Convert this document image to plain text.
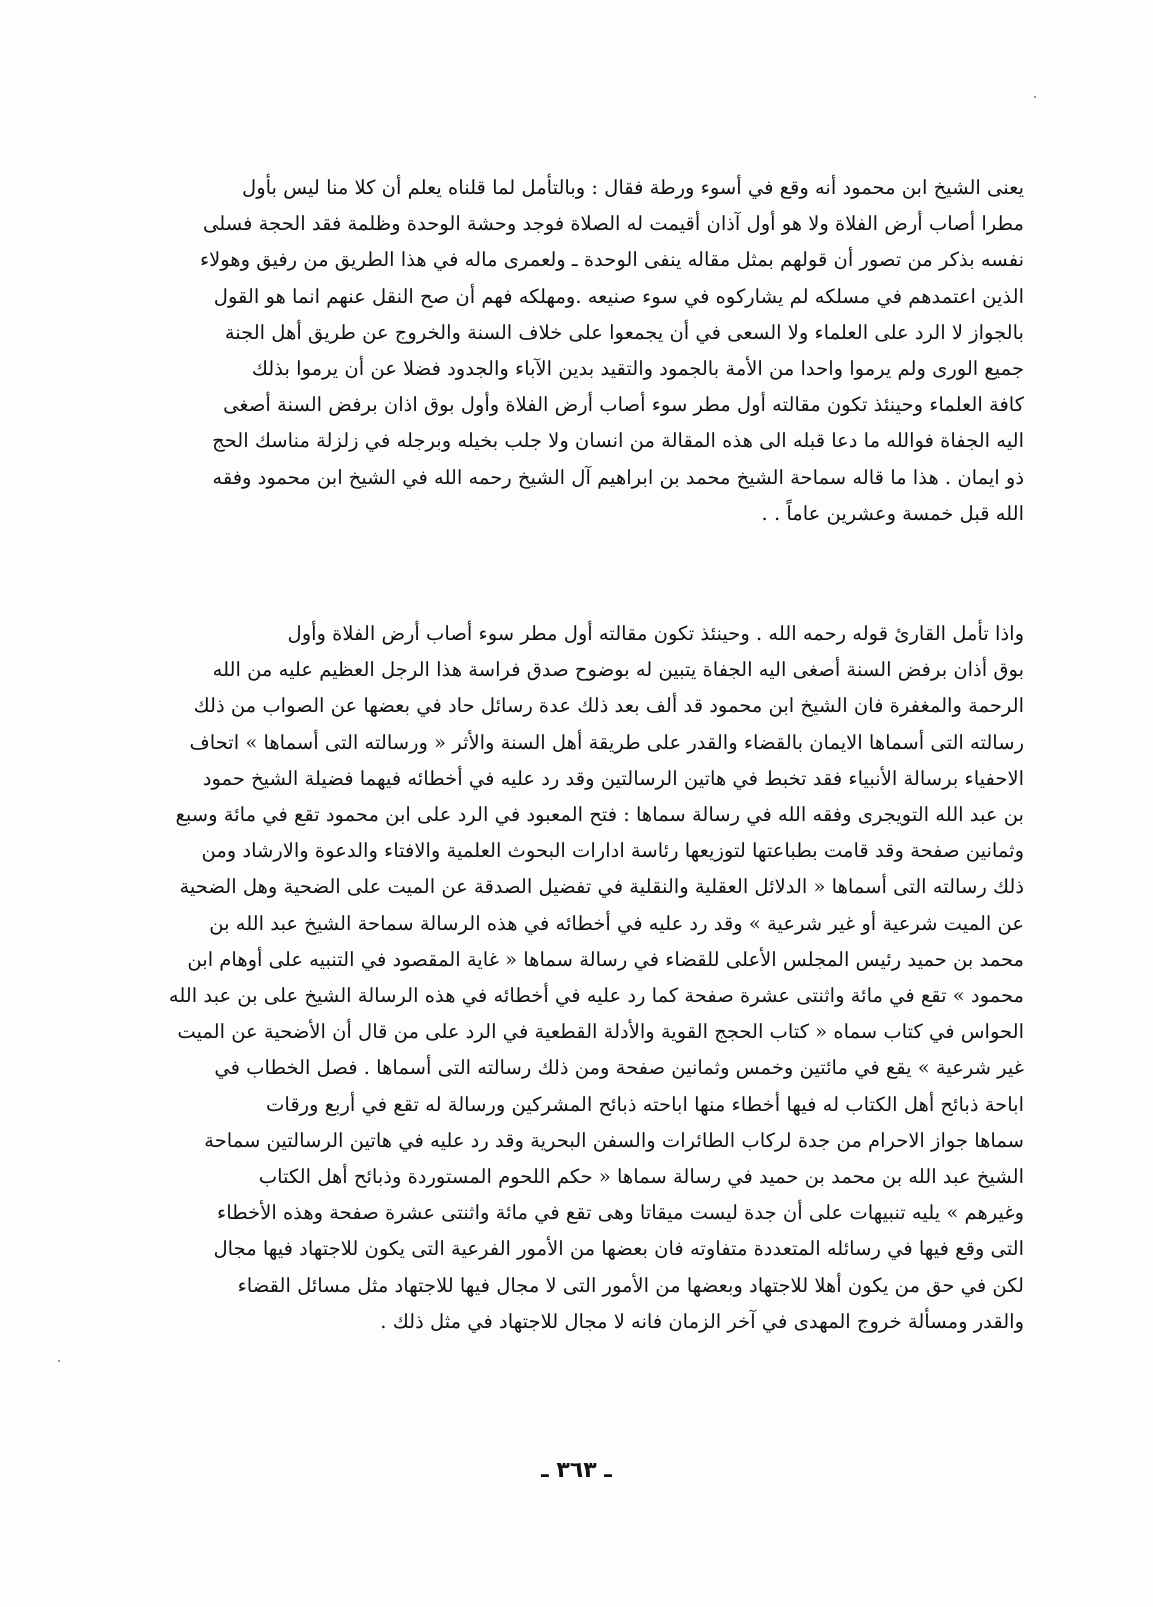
يعنى الشيخ ابن محمود أنه وقع في أسوء ورطة فقال : وبالتأمل لما قلناه يعلم أن كلا منا ليس بأول
مطرا أصاب أرض الفلاة ولا هو أول آذان أقيمت له الصلاة فوجد وحشة الوحدة وظلمة فقد الحجة فسلى
نفسه بذكر من تصور أن قولهم بمثل مقاله ينفى الوحدة ـ ولعمرى ماله في هذا الطريق من رفيق وهولاء
الذين اعتمدهم في مسلكه لم يشاركوه في سوء صنيعه .ومهلكه فهم أن صح النقل عنهم انما هو القول
بالجواز لا الرد على العلماء ولا السعى في أن يجمعوا على خلاف السنة والخروج عن طريق أهل الجنة
جميع الورى ولم يرموا واحدا من الأمة بالجمود والتقيد بدين الآباء والجدود فضلا عن أن يرموا بذلك
كافة العلماء وحينئذ تكون مقالته أول مطر سوء أصاب أرض الفلاة وأول بوق اذان برفض السنة أصغى
اليه الجفاة فوالله ما دعا قبله الى هذه المقالة من انسان ولا جلب بخيله وبرجله في زلزلة مناسك الحج
ذو ايمان . هذا ما قاله سماحة الشيخ محمد بن ابراهيم آل الشيخ رحمه الله في الشيخ ابن محمود وفقه
الله قبل خمسة وعشرين عاماً . .
واذا تأمل القارئ قوله رحمه الله . وحينئذ تكون مقالته أول مطر سوء أصاب أرض الفلاة وأول
بوق أذان برفض السنة أصغى اليه الجفاة يتبين له بوضوح صدق فراسة هذا الرجل العظيم عليه من الله
الرحمة والمغفرة فان الشيخ ابن محمود قد ألف بعد ذلك عدة رسائل حاد في بعضها عن الصواب من ذلك
رسالته التى أسماها الايمان بالقضاء والقدر على طريقة أهل السنة والأثر « ورسالته التى أسماها » اتحاف
الاحفياء برسالة الأنبياء فقد تخبط في هاتين الرسالتين وقد رد عليه في أخطائه فيهما فضيلة الشيخ حمود
بن عبد الله التويجرى وفقه الله في رسالة سماها : فتح المعبود في الرد على ابن محمود تقع في مائة وسبع
وثمانين صفحة وقد قامت بطباعتها لتوزيعها رئاسة ادارات البحوث العلمية والافتاء والدعوة والارشاد ومن
ذلك رسالته التى أسماها « الدلائل العقلية والنقلية في تفضيل الصدقة عن الميت على الضحية وهل الضحية
عن الميت شرعية أو غير شرعية » وقد رد عليه في أخطائه في هذه الرسالة سماحة الشيخ عبد الله بن
محمد بن حميد رئيس المجلس الأعلى للقضاء في رسالة سماها « غاية المقصود في التنبيه على أوهام ابن
محمود » تقع في مائة واثنتى عشرة صفحة كما رد عليه في أخطائه في هذه الرسالة الشيخ على بن عبد الله
الحواس في كتاب سماه « كتاب الحجج القوية والأدلة القطعية في الرد على من قال أن الأضحية عن الميت
غير شرعية » يقع في مائتين وخمس وثمانين صفحة ومن ذلك رسالته التى أسماها . فصل الخطاب في
اباحة ذبائح أهل الكتاب له فيها أخطاء منها اباحته ذبائح المشركين ورسالة له تقع في أربع ورقات
سماها جواز الاحرام من جدة لركاب الطائرات والسفن البحرية وقد رد عليه في هاتين الرسالتين سماحة
الشيخ عبد الله بن محمد بن حميد في رسالة سماها « حكم اللحوم المستوردة وذبائح أهل الكتاب
وغيرهم » يليه تنبيهات على أن جدة ليست ميقاتا وهى تقع في مائة واثنتى عشرة صفحة وهذه الأخطاء
التى وقع فيها في رسائله المتعددة متفاوته فان بعضها من الأمور الفرعية التى يكون للاجتهاد فيها مجال
لكن في حق من يكون أهلا للاجتهاد وبعضها من الأمور التى لا مجال فيها للاجتهاد مثل مسائل القضاء
والقدر ومسألة خروج المهدى في آخر الزمان فانه لا مجال للاجتهاد في مثل ذلك .
ـ ٣٦٣ ـ
